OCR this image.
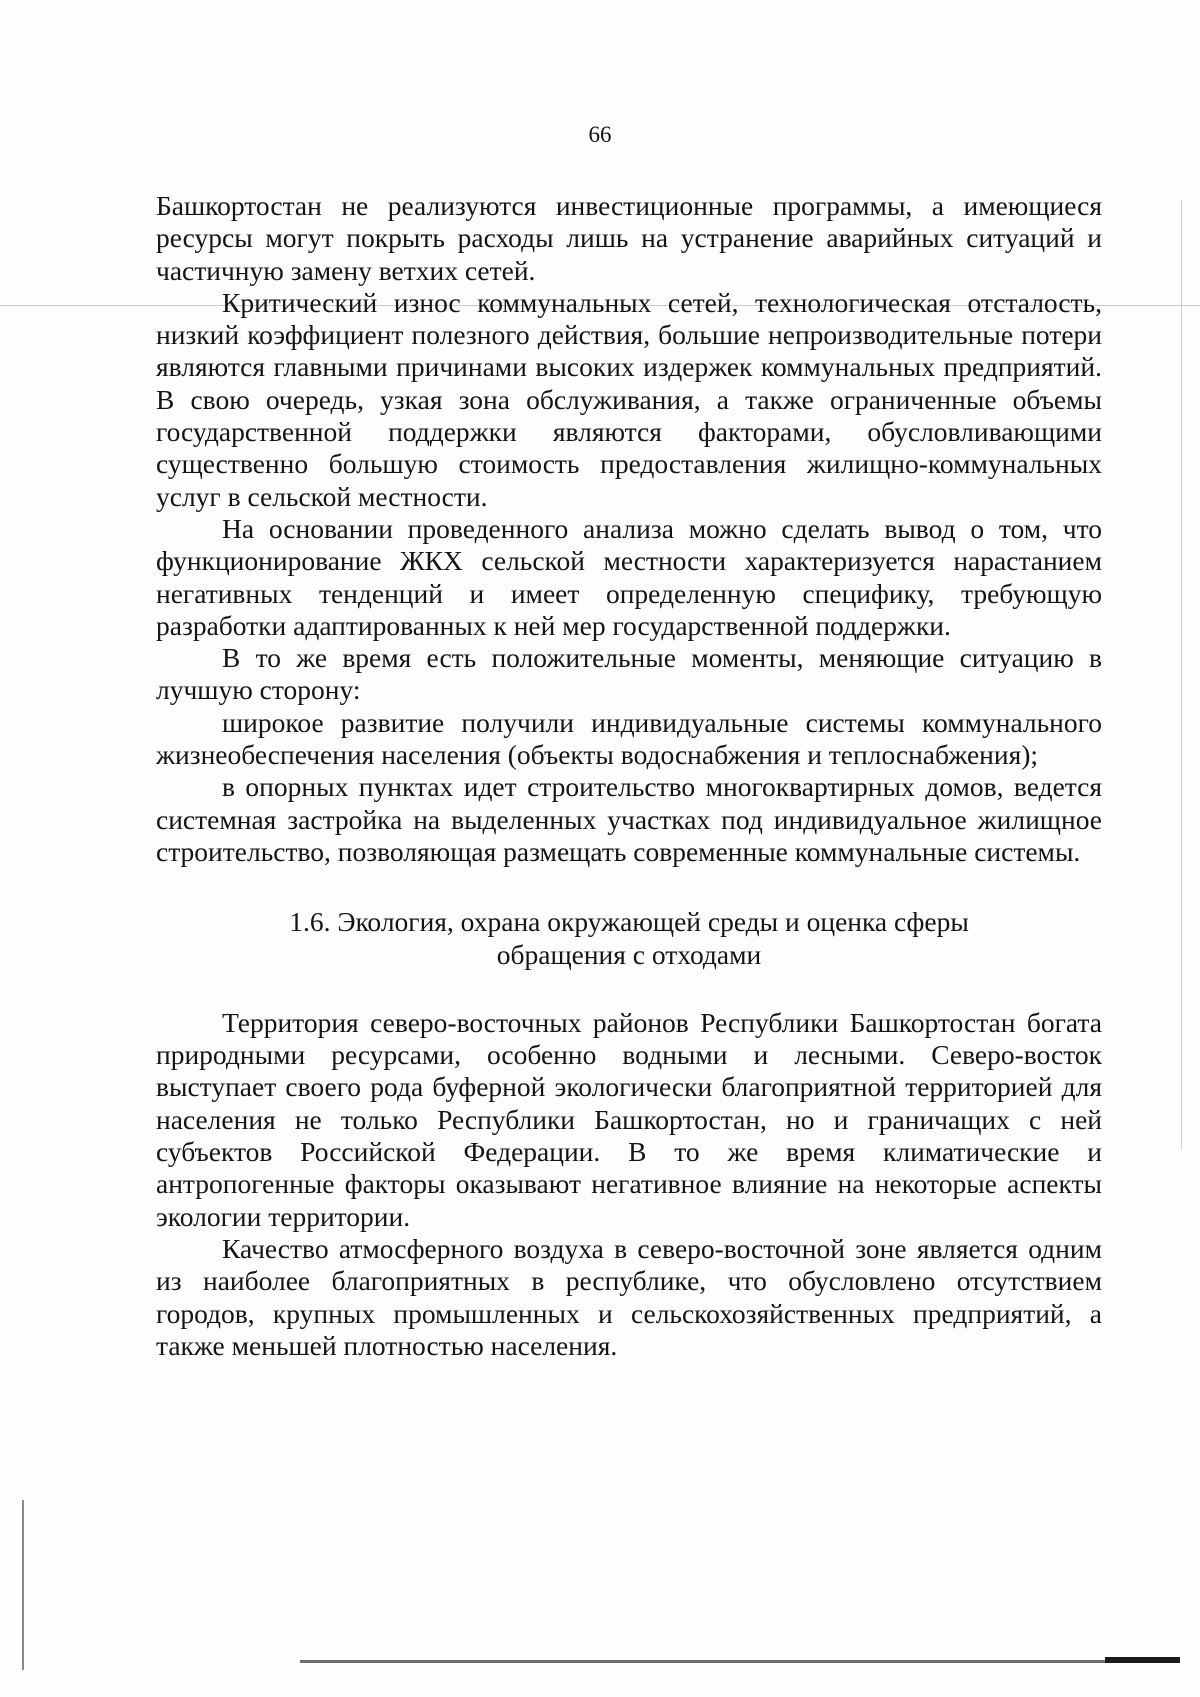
66

Башкортостан не реализуются инвестиционные программы, а имеющиеся ресурсы могут покрыть расходы лишь на устранение аварийных ситуаций и частичную замену ветхих сетей.

Критический износ коммунальных сетей, технологическая отсталость, низкий коэффициент полезного действия, большие непроизводительные потери являются главными причинами высоких издержек коммунальных предприятий. В свою очередь, узкая зона обслуживания, а также ограниченные объемы государственной поддержки являются факторами, обусловливающими существенно большую стоимость предоставления жилищно-коммунальных услуг в сельской местности.

На основании проведенного анализа можно сделать вывод о том, что функционирование ЖКХ сельской местности характеризуется нарастанием негативных тенденций и имеет определенную специфику, требующую разработки адаптированных к ней мер государственной поддержки.

В то же время есть положительные моменты, меняющие ситуацию в лучшую сторону:

широкое развитие получили индивидуальные системы коммунального жизнеобеспечения населения (объекты водоснабжения и теплоснабжения);

в опорных пунктах идет строительство многоквартирных домов, ведется системная застройка на выделенных участках под индивидуальное жилищное строительство, позволяющая размещать современные коммунальные системы.

1.6. Экология, охрана окружающей среды и оценка сферы
обращения с отходами

Территория северо-восточных районов Республики Башкортостан богата природными ресурсами, особенно водными и лесными. Северо-восток выступает своего рода буферной экологически благоприятной территорией для населения не только Республики Башкортостан, но и граничащих с ней субъектов Российской Федерации. В то же время климатические и антропогенные факторы оказывают негативное влияние на некоторые аспекты экологии территории.

Качество атмосферного воздуха в северо-восточной зоне является одним из наиболее благоприятных в республике, что обусловлено отсутствием городов, крупных промышленных и сельскохозяйственных предприятий, а также меньшей плотностью населения.
